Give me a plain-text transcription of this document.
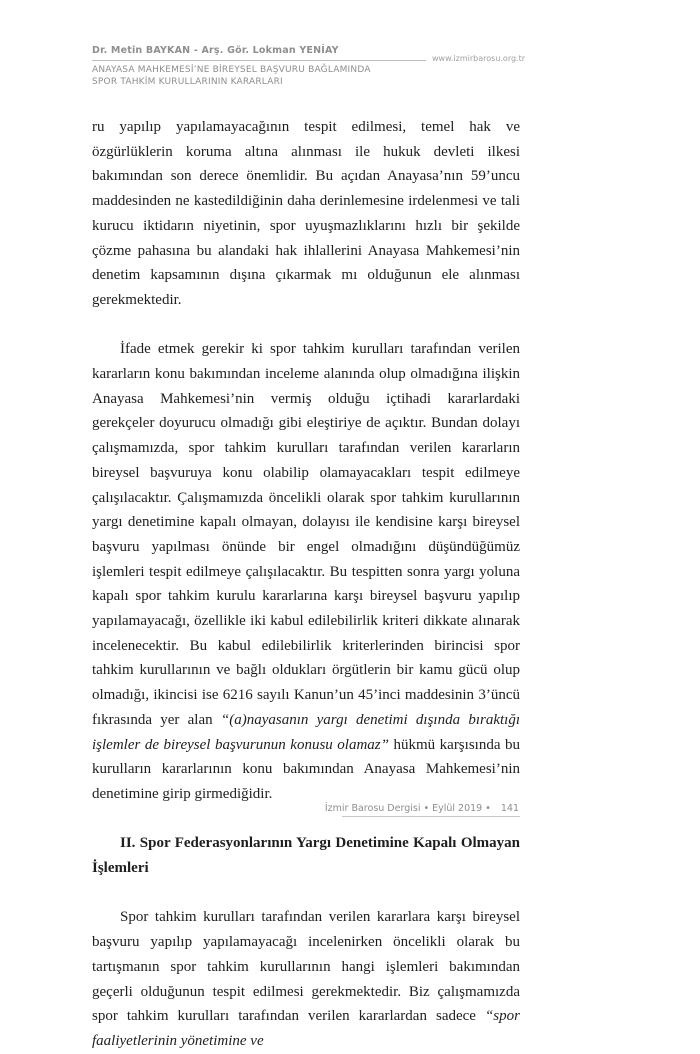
Dr. Metin BAYKAN - Arş. Gör. Lokman YENİAY
www.izmirbarosu.org.tr
ANAYASA MAHKEMESİ’NE BİREYSEL BAŞVURU BAĞLAMINDA
SPOR TAHKİM KURULLARININ KARARLARI

ru yapılıp yapılamayacağının tespit edilmesi, temel hak ve özgürlüklerin koruma altına alınması ile hukuk devleti ilkesi bakımından son derece önemlidir. Bu açıdan Anayasa’nın 59’uncu maddesinden ne kastedildiğinin daha derinlemesine irdelenmesi ve tali kurucu iktidarın niyetinin, spor uyuşmazlıklarını hızlı bir şekilde çözme pahasına bu alandaki hak ihlallerini Anayasa Mahkemesi’nin denetim kapsamının dışına çıkarmak mı olduğunun ele alınması gerekmektedir.

İfade etmek gerekir ki spor tahkim kurulları tarafından verilen kararların konu bakımından inceleme alanında olup olmadığına ilişkin Anayasa Mahkemesi’nin vermiş olduğu içtihadi kararlardaki gerekçeler doyurucu olmadığı gibi eleştiriye de açıktır. Bundan dolayı çalışmamızda, spor tahkim kurulları tarafından verilen kararların bireysel başvuruya konu olabilip olamayacakları tespit edilmeye çalışılacaktır. Çalışmamızda öncelikli olarak spor tahkim kurullarının yargı denetimine kapalı olmayan, dolayısı ile kendisine karşı bireysel başvuru yapılması önünde bir engel olmadığını düşündüğümüz işlemleri tespit edilmeye çalışılacaktır. Bu tespitten sonra yargı yoluna kapalı spor tahkim kurulu kararlarına karşı bireysel başvuru yapılıp yapılamayacağı, özellikle iki kabul edilebilirlik kriteri dikkate alınarak incelenecektir. Bu kabul edilebilirlik kriterlerinden birincisi spor tahkim kurullarının ve bağlı oldukları örgütlerin bir kamu gücü olup olmadığı, ikincisi ise 6216 sayılı Kanun’un 45’inci maddesinin 3’üncü fıkrasında yer alan “(a)nayasanın yargı denetimi dışında bıraktığı işlemler de bireysel başvurunun konusu olamaz” hükmü karşısında bu kurulların kararlarının konu bakımından Anayasa Mahkemesi’nin denetimine girip girmediğidir.

II. Spor Federasyonlarının Yargı Denetimine Kapalı Olmayan İşlemleri

Spor tahkim kurulları tarafından verilen kararlara karşı bireysel başvuru yapılıp yapılamayacağı incelenirken öncelikli olarak bu tartışmanın spor tahkim kurullarının hangi işlemleri bakımından geçerli olduğunun tespit edilmesi gerekmektedir. Biz çalışmamızda spor tahkim kurulları tarafından verilen kararlardan sadece “spor faaliyetlerinin yönetimine ve

İzmir Barosu Dergisi • Eylül 2019 • 141
